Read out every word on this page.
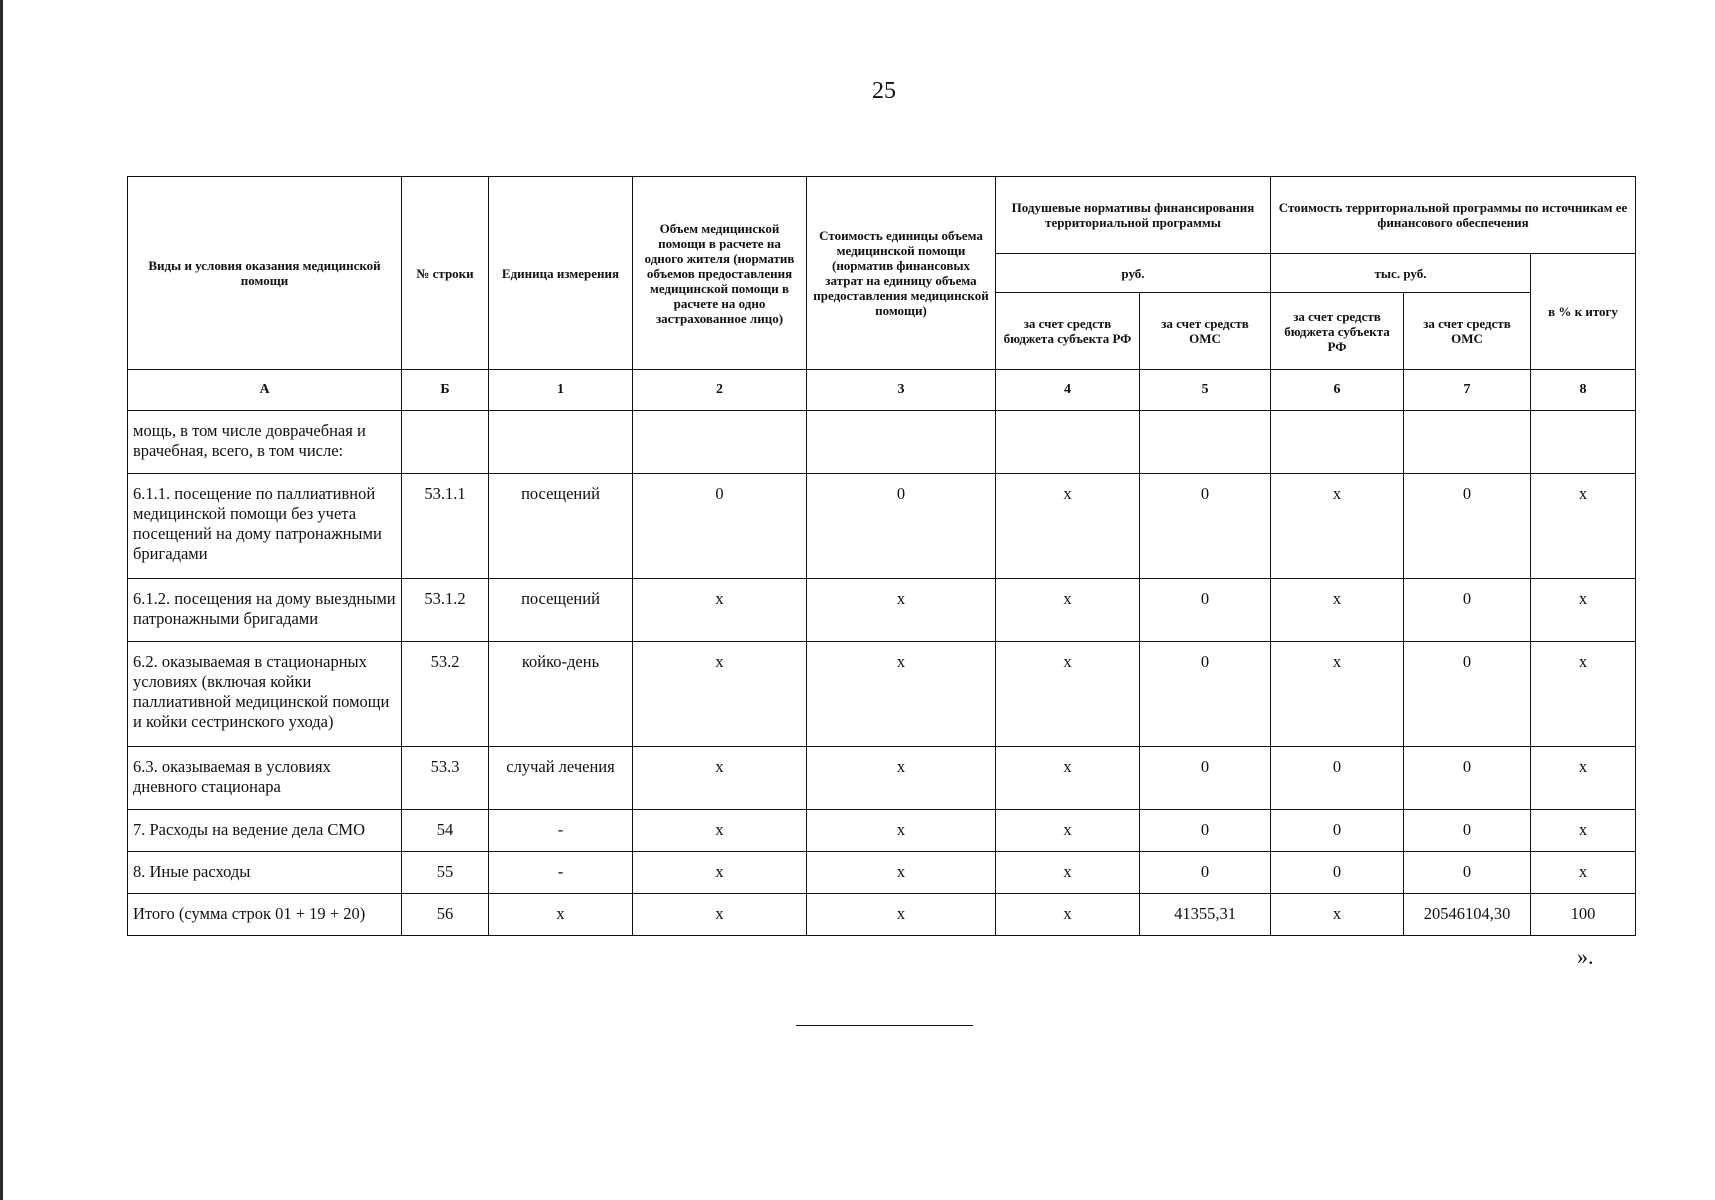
25
Виды и условия оказания медицинской помощи	№ строки	Единица измерения	Объем медицинской помощи в расчете на одного жителя (норматив объемов предоставления медицинской помощи в расчете на одно застрахованное лицо)	Стоимость единицы объема медицинской помощи (норматив финансовых затрат на единицу объема предоставления медицинской помощи)	Подушевые нормативы финансирования территориальной программы		Стоимость территориальной программы по источникам ее финансового обеспечения		
					руб.		тыс. руб.		в % к итогу
					за счет средств бюджета субъекта РФ	за счет средств ОМС	за счет средств бюджета субъекта РФ	за счет средств ОМС	
А	Б	1	2	3	4	5	6	7	8
мощь, в том числе доврачебная и врачебная, всего, в том числе:									
6.1.1. посещение по паллиативной медицинской помощи без учета посещений на дому патронажными бригадами	53.1.1	посещений	0	0	х	0	х	0	х
6.1.2. посещения на дому выездными патронажными бригадами	53.1.2	посещений	х	х	х	0	х	0	х
6.2. оказываемая в стационарных условиях (включая койки паллиативной медицинской помощи и койки сестринского ухода)	53.2	койко-день	х	х	х	0	х	0	х
6.3. оказываемая в условиях дневного стационара	53.3	случай лечения	х	х	х	0	0	0	х
7. Расходы на ведение дела СМО	54	-	х	х	х	0	0	0	х
8. Иные расходы	55	-	х	х	х	0	0	0	х
Итого (сумма строк 01 + 19 + 20)	56	х	х	х	х	41355,31	х	20546104,30	100
».
